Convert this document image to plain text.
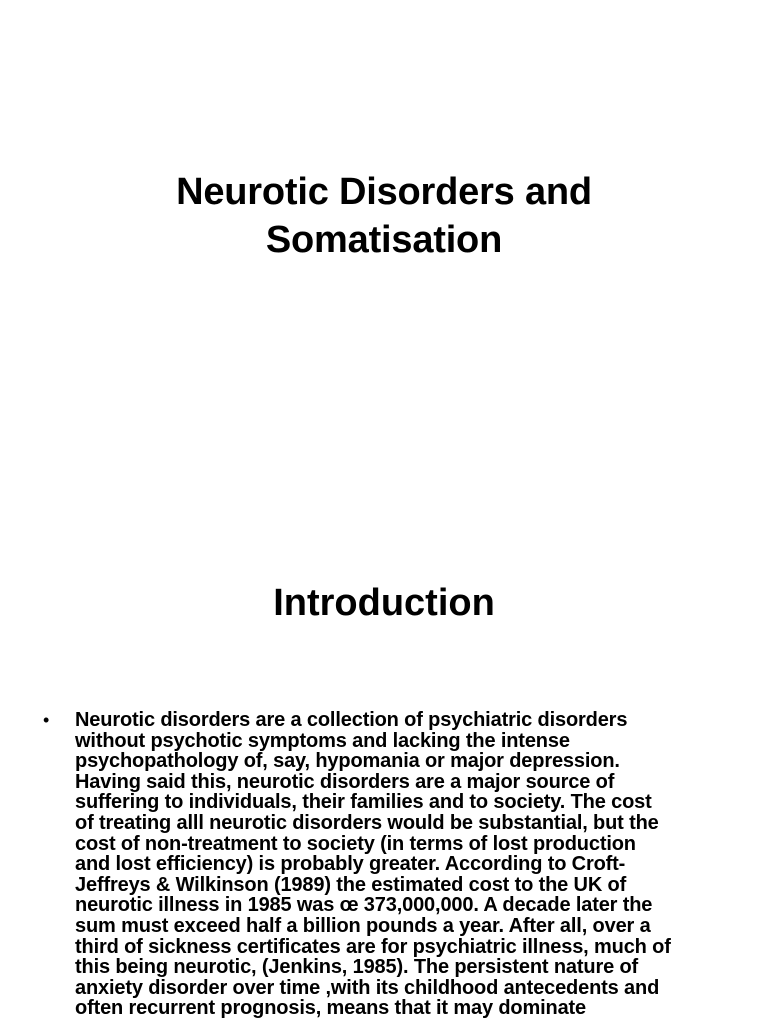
Neurotic Disorders and
Somatisation
Introduction
• Neurotic disorders are a collection of psychiatric disorders
without psychotic symptoms and lacking the intense
psychopathology of, say, hypomania or major depression.
Having said this, neurotic disorders are a major source of
suffering to individuals, their families and to society. The cost
of treating alll neurotic disorders would be substantial, but the
cost of non-treatment to society (in terms of lost production
and lost efficiency) is probably greater. According to Croft-
Jeffreys & Wilkinson (1989) the estimated cost to the UK of
neurotic illness in 1985 was œ 373,000,000. A decade later the
sum must exceed half a billion pounds a year. After all, over a
third of sickness certificates are for psychiatric illness, much of
this being neurotic, (Jenkins, 1985). The persistent nature of
anxiety disorder over time ,with its childhood antecedents and
often recurrent prognosis, means that it may dominate
